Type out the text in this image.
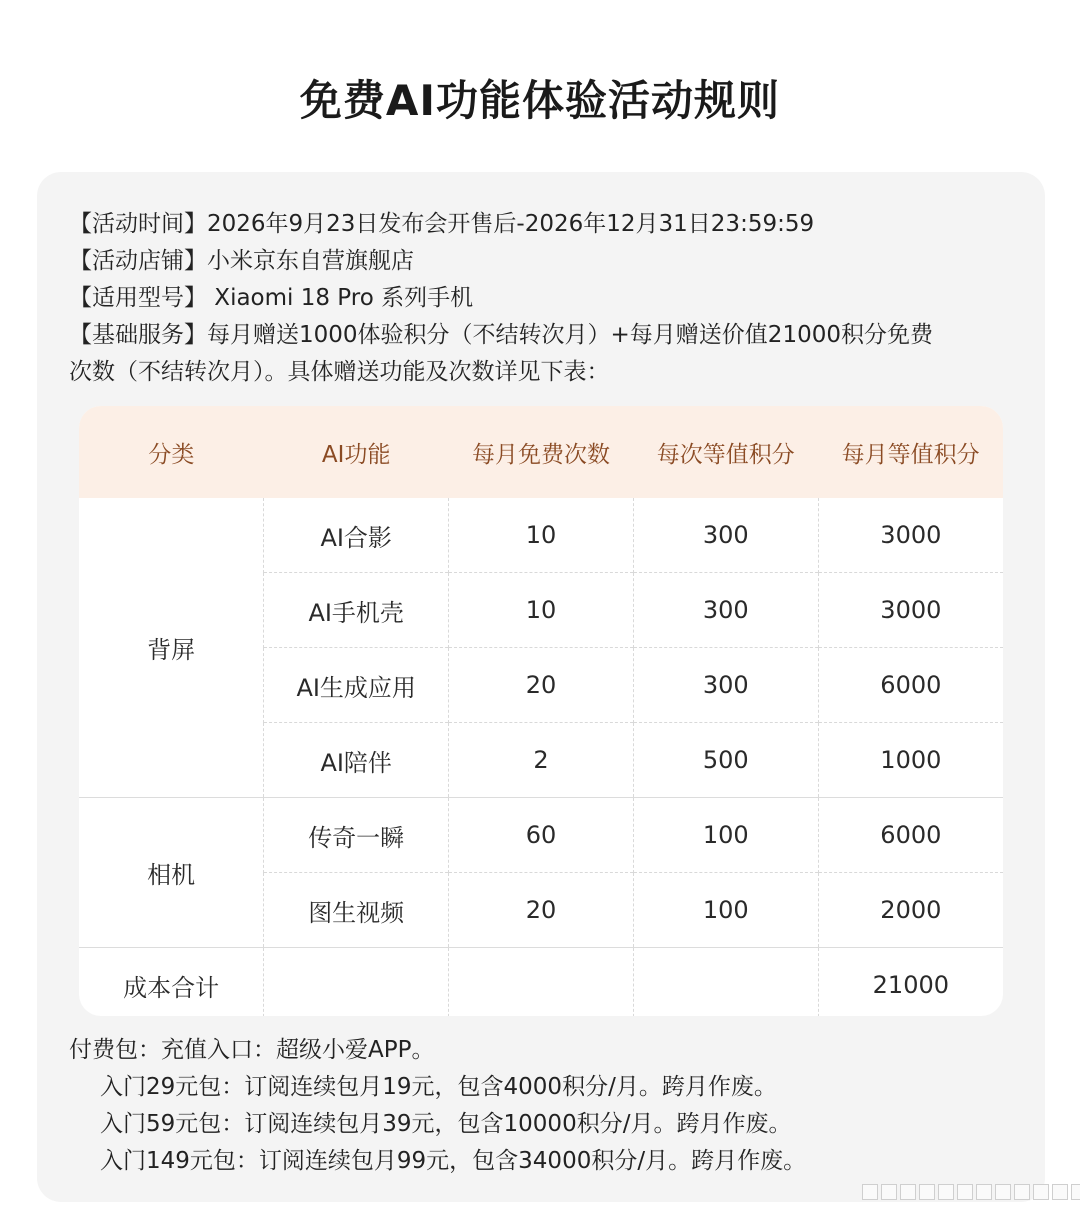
免费AI功能体验活动规则

【活动时间】2026年9月23日发布会开售后-2026年12月31日23:59:59

【活动店铺】小米京东自营旗舰店

【适用型号】 Xiaomi 18 Pro 系列手机

【基础服务】每月赠送1000体验积分（不结转次月）+每月赠送价值21000积分免费

次数（不结转次月）。具体赠送功能及次数详见下表：

分类	AI功能	每月免费次数	每次等值积分	每月等值积分
背屏	AI合影	10	300	3000
	AI手机壳	10	300	3000
	AI生成应用	20	300	6000
	AI陪伴	2	500	1000
相机	传奇一瞬	60	100	6000
	图生视频	20	100	2000
成本合计				21000

付费包：充值入口：超级小爱APP。

入门29元包：订阅连续包月19元，包含4000积分/月。跨月作废。

入门59元包：订阅连续包月39元，包含10000积分/月。跨月作废。

入门149元包：订阅连续包月99元，包含34000积分/月。跨月作废。
